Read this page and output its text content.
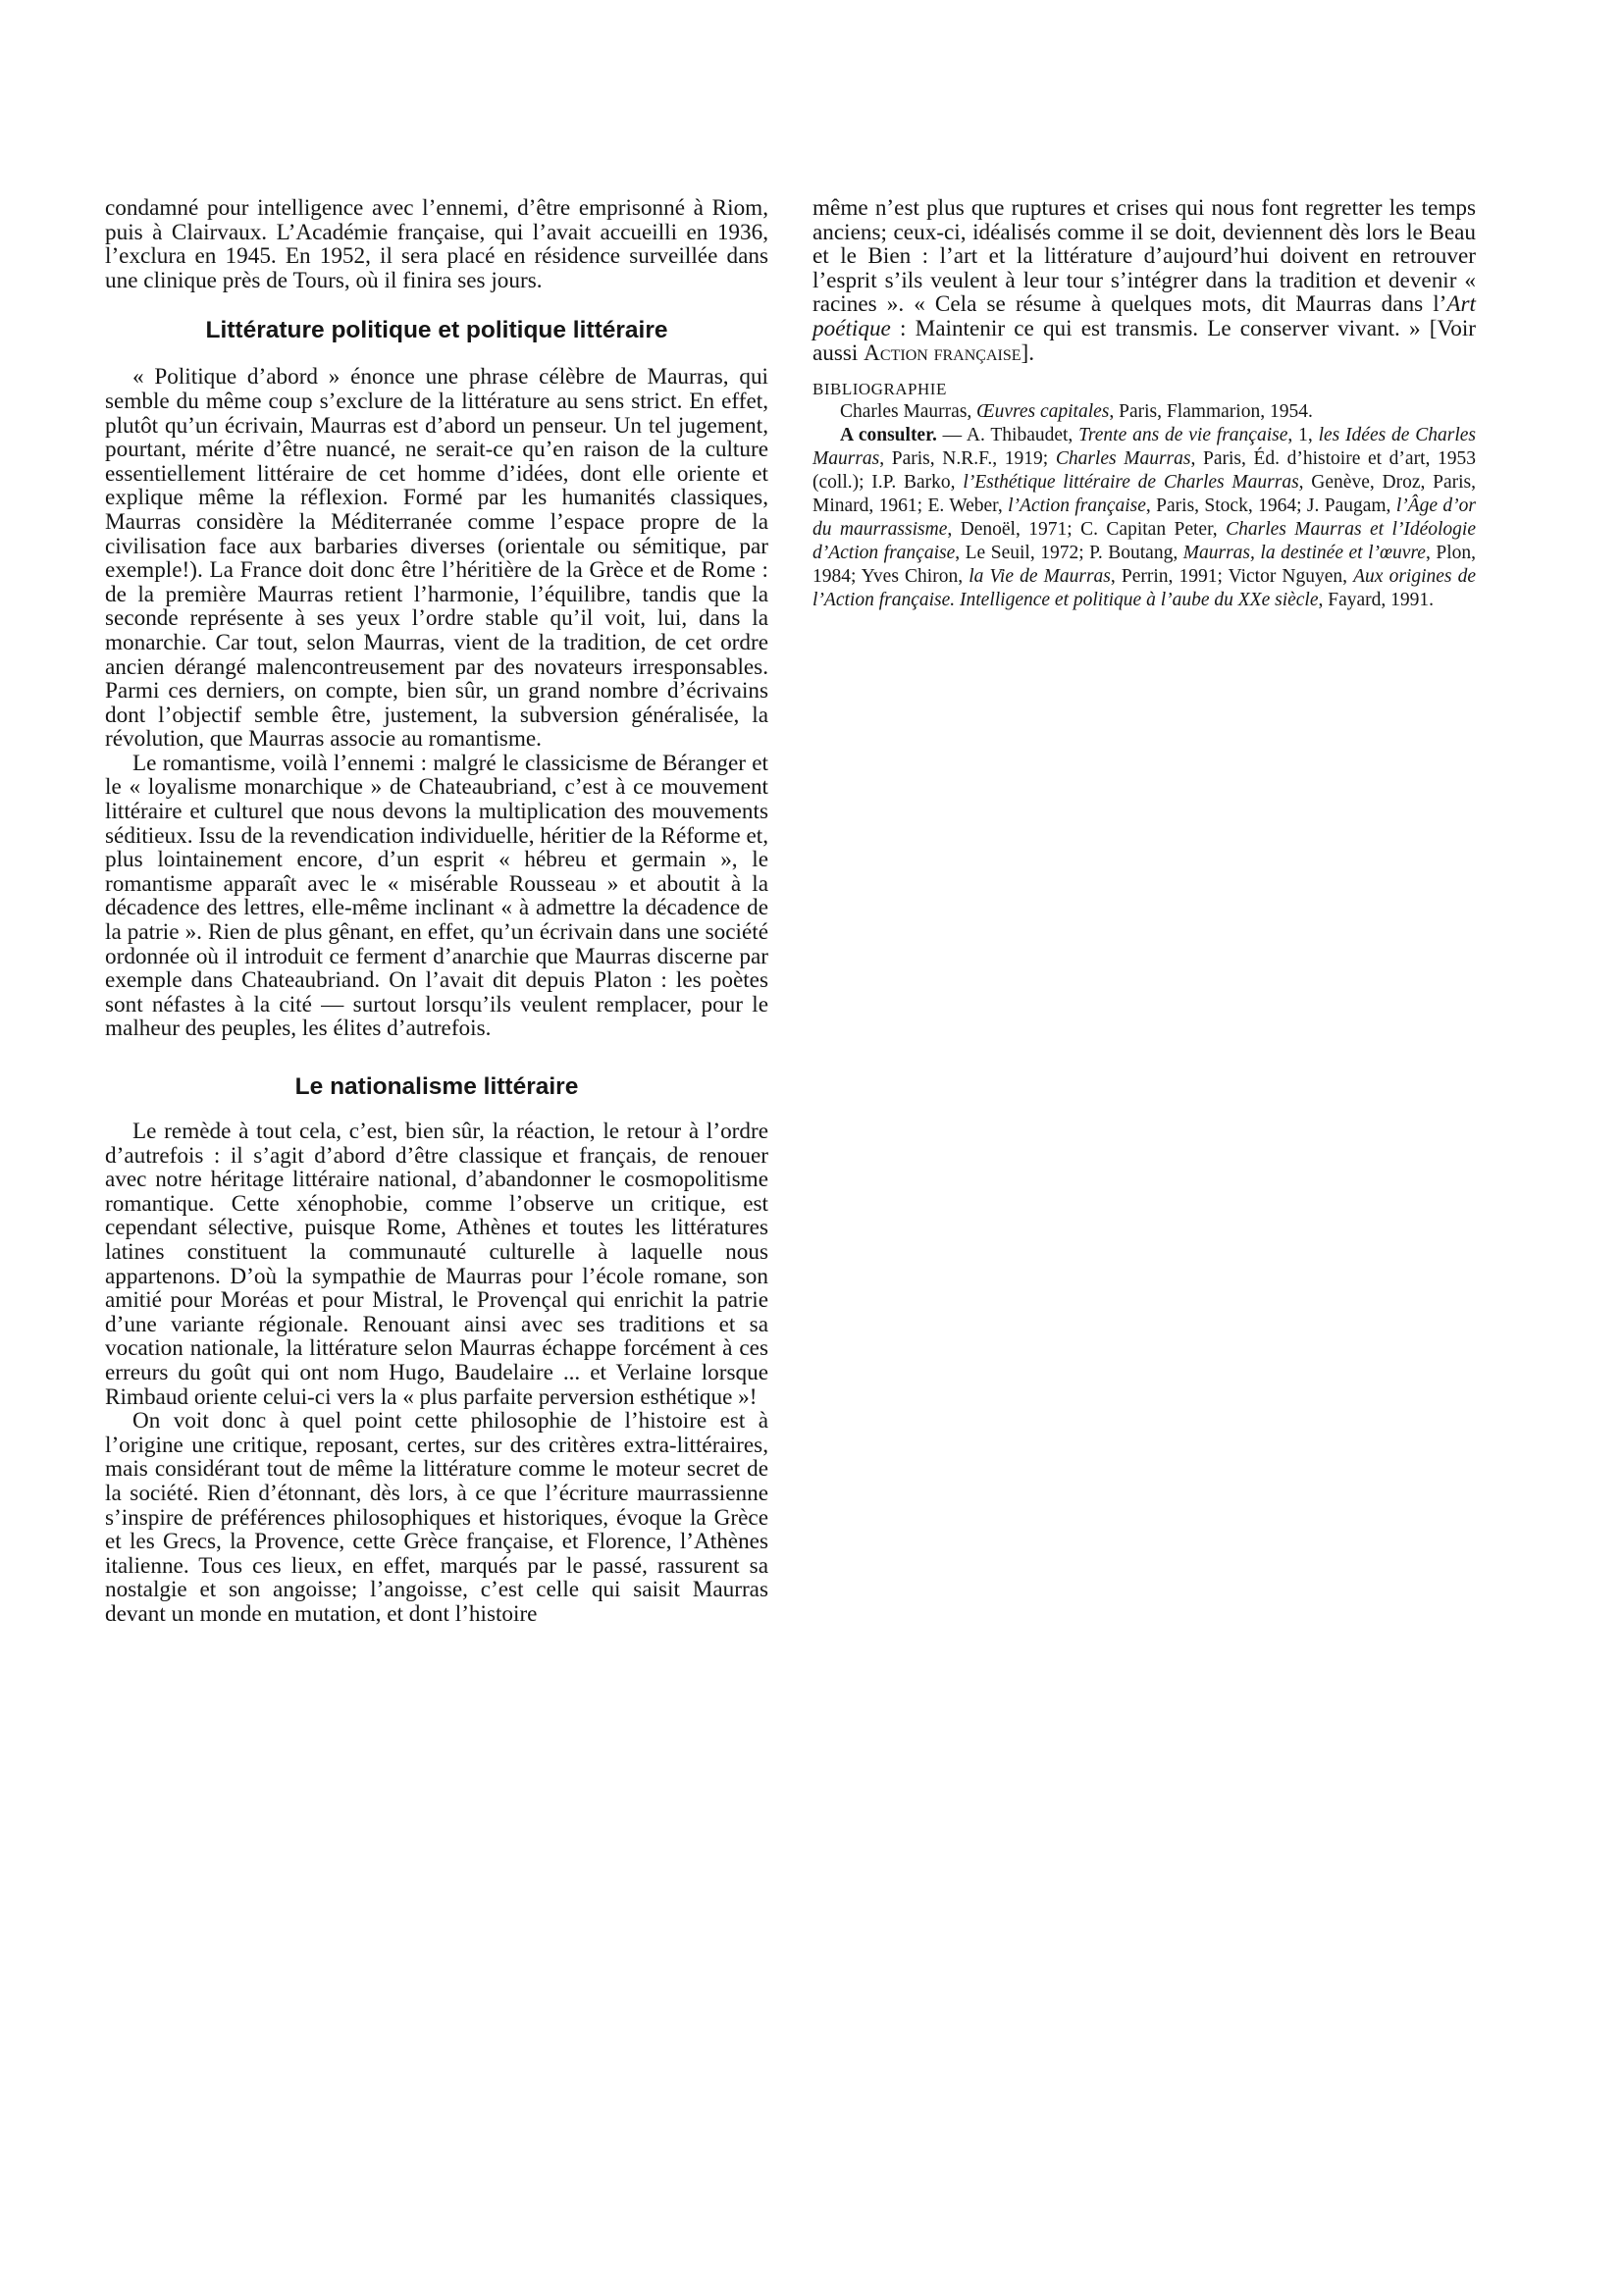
condamné pour intelligence avec l’ennemi, d’être emprisonné à Riom, puis à Clairvaux. L’Académie française, qui l’avait accueilli en 1936, l’exclura en 1945. En 1952, il sera placé en résidence surveillée dans une clinique près de Tours, où il finira ses jours.

Littérature politique et politique littéraire

« Politique d’abord » énonce une phrase célèbre de Maurras, qui semble du même coup s’exclure de la littérature au sens strict. En effet, plutôt qu’un écrivain, Maurras est d’abord un penseur. Un tel jugement, pourtant, mérite d’être nuancé, ne serait-ce qu’en raison de la culture essentiellement littéraire de cet homme d’idées, dont elle oriente et explique même la réflexion. Formé par les humanités classiques, Maurras considère la Méditerranée comme l’espace propre de la civilisation face aux barbaries diverses (orientale ou sémitique, par exemple!). La France doit donc être l’héritière de la Grèce et de Rome : de la première Maurras retient l’harmonie, l’équilibre, tandis que la seconde représente à ses yeux l’ordre stable qu’il voit, lui, dans la monarchie. Car tout, selon Maurras, vient de la tradition, de cet ordre ancien dérangé malencontreusement par des novateurs irresponsables. Parmi ces derniers, on compte, bien sûr, un grand nombre d’écrivains dont l’objectif semble être, justement, la subversion généralisée, la révolution, que Maurras associe au romantisme.

Le romantisme, voilà l’ennemi : malgré le classicisme de Béranger et le « loyalisme monarchique » de Chateaubriand, c’est à ce mouvement littéraire et culturel que nous devons la multiplication des mouvements séditieux. Issu de la revendication individuelle, héritier de la Réforme et, plus lointainement encore, d’un esprit « hébreu et germain », le romantisme apparaît avec le « misérable Rousseau » et aboutit à la décadence des lettres, elle-même inclinant « à admettre la décadence de la patrie ». Rien de plus gênant, en effet, qu’un écrivain dans une société ordonnée où il introduit ce ferment d’anarchie que Maurras discerne par exemple dans Chateaubriand. On l’avait dit depuis Platon : les poètes sont néfastes à la cité — surtout lorsqu’ils veulent remplacer, pour le malheur des peuples, les élites d’autrefois.

Le nationalisme littéraire

Le remède à tout cela, c’est, bien sûr, la réaction, le retour à l’ordre d’autrefois : il s’agit d’abord d’être classique et français, de renouer avec notre héritage littéraire national, d’abandonner le cosmopolitisme romantique. Cette xénophobie, comme l’observe un critique, est cependant sélective, puisque Rome, Athènes et toutes les littératures latines constituent la communauté culturelle à laquelle nous appartenons. D’où la sympathie de Maurras pour l’école romane, son amitié pour Moréas et pour Mistral, le Provençal qui enrichit la patrie d’une variante régionale. Renouant ainsi avec ses traditions et sa vocation nationale, la littérature selon Maurras échappe forcément à ces erreurs du goût qui ont nom Hugo, Baudelaire ... et Verlaine lorsque Rimbaud oriente celui-ci vers la « plus parfaite perversion esthétique »!

On voit donc à quel point cette philosophie de l’histoire est à l’origine une critique, reposant, certes, sur des critères extra-littéraires, mais considérant tout de même la littérature comme le moteur secret de la société. Rien d’étonnant, dès lors, à ce que l’écriture maurrassienne s’inspire de préférences philosophiques et historiques, évoque la Grèce et les Grecs, la Provence, cette Grèce française, et Florence, l’Athènes italienne. Tous ces lieux, en effet, marqués par le passé, rassurent sa nostalgie et son angoisse; l’angoisse, c’est celle qui saisit Maurras devant un monde en mutation, et dont l’histoire

même n’est plus que ruptures et crises qui nous font regretter les temps anciens; ceux-ci, idéalisés comme il se doit, deviennent dès lors le Beau et le Bien : l’art et la littérature d’aujourd’hui doivent en retrouver l’esprit s’ils veulent à leur tour s’intégrer dans la tradition et devenir « racines ». « Cela se résume à quelques mots, dit Maurras dans l’Art poétique : Maintenir ce qui est transmis. Le conserver vivant. » [Voir aussi Action française].

BIBLIOGRAPHIE

Charles Maurras, Œuvres capitales, Paris, Flammarion, 1954.

A consulter. — A. Thibaudet, Trente ans de vie française, 1, les Idées de Charles Maurras, Paris, N.R.F., 1919; Charles Maurras, Paris, Éd. d’histoire et d’art, 1953 (coll.); I.P. Barko, l’Esthétique littéraire de Charles Maurras, Genève, Droz, Paris, Minard, 1961; E. Weber, l’Action française, Paris, Stock, 1964; J. Paugam, l’Âge d’or du maurrassisme, Denoël, 1971; C. Capitan Peter, Charles Maurras et l’Idéologie d’Action française, Le Seuil, 1972; P. Boutang, Maurras, la destinée et l’œuvre, Plon, 1984; Yves Chiron, la Vie de Maurras, Perrin, 1991; Victor Nguyen, Aux origines de l’Action française. Intelligence et politique à l’aube du XXe siècle, Fayard, 1991.
